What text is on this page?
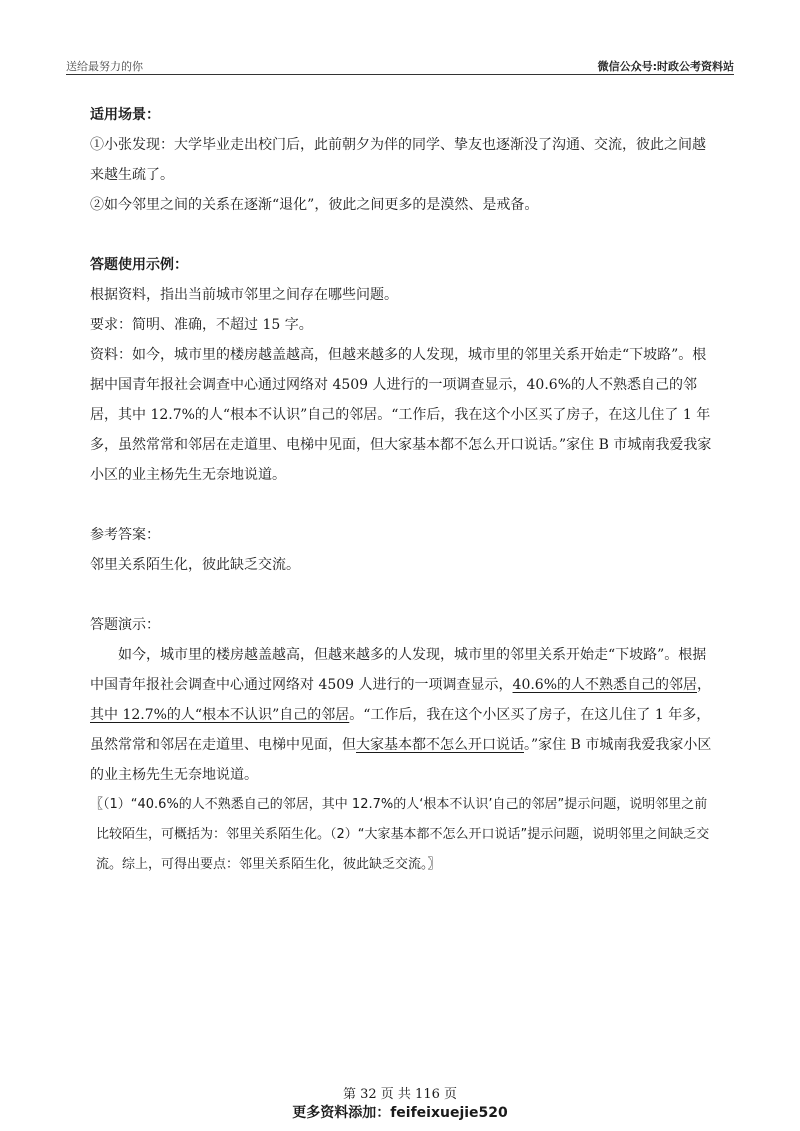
送给最努力的你	微信公众号:时政公考资料站

适用场景：

①小张发现：大学毕业走出校门后，此前朝夕为伴的同学、挚友也逐渐没了沟通、交流，彼此之间越来越生疏了。

②如今邻里之间的关系在逐渐“退化”，彼此之间更多的是漠然、是戒备。

答题使用示例：

根据资料，指出当前城市邻里之间存在哪些问题。

要求：简明、准确，不超过 15 字。

资料：如今，城市里的楼房越盖越高，但越来越多的人发现，城市里的邻里关系开始走“下坡路”。根据中国青年报社会调查中心通过网络对 4509 人进行的一项调查显示，40.6%的人不熟悉自己的邻居，其中 12.7%的人“根本不认识”自己的邻居。“工作后，我在这个小区买了房子，在这儿住了 1 年多，虽然常常和邻居在走道里、电梯中见面，但大家基本都不怎么开口说话。”家住 B 市城南我爱我家小区的业主杨先生无奈地说道。

参考答案：

邻里关系陌生化，彼此缺乏交流。

答题演示：

如今，城市里的楼房越盖越高，但越来越多的人发现，城市里的邻里关系开始走“下坡路”。根据中国青年报社会调查中心通过网络对 4509 人进行的一项调查显示，40.6%的人不熟悉自己的邻居，其中 12.7%的人“根本不认识”自己的邻居。“工作后，我在这个小区买了房子，在这儿住了 1 年多，虽然常常和邻居在走道里、电梯中见面，但大家基本都不怎么开口说话。”家住 B 市城南我爱我家小区的业主杨先生无奈地说道。

〖（1）“40.6%的人不熟悉自己的邻居，其中 12.7%的人‘根本不认识’自己的邻居”提示问题，说明邻里之前比较陌生，可概括为：邻里关系陌生化。（2）“大家基本都不怎么开口说话”提示问题，说明邻里之间缺乏交流。综上，可得出要点：邻里关系陌生化，彼此缺乏交流。〗

第 32 页 共 116 页
更多资料添加：feifeixuejie520
